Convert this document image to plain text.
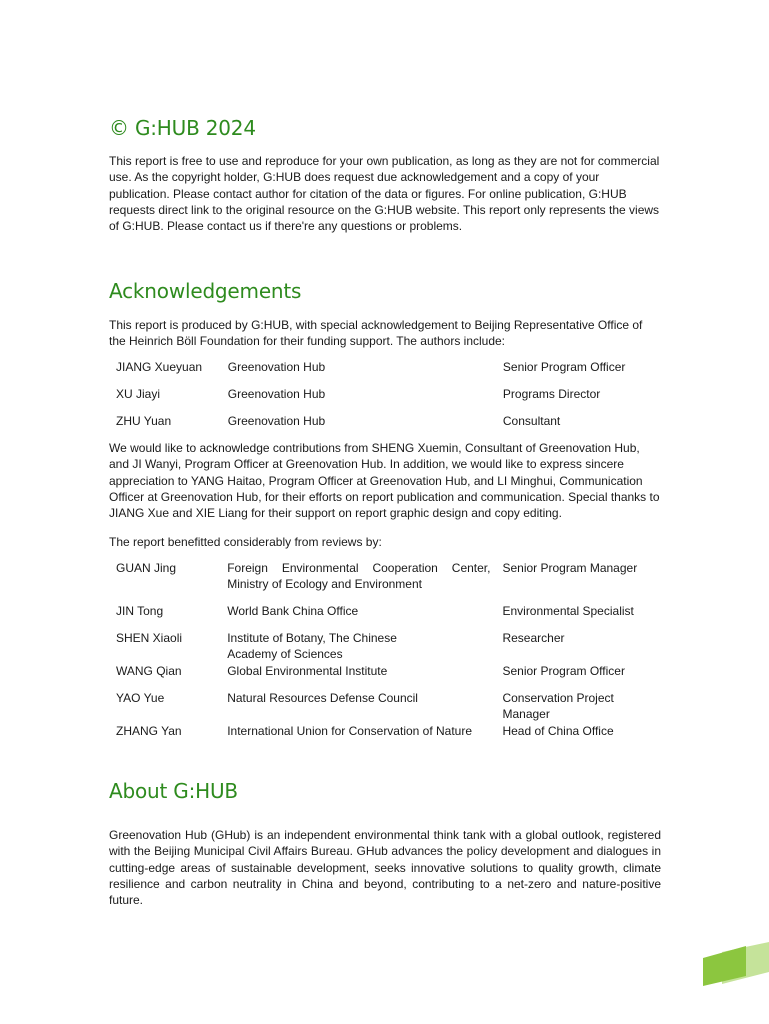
© G:HUB 2024

This report is free to use and reproduce for your own publication, as long as they are not for commercial use. As the copyright holder, G:HUB does request due acknowledgement and a copy of your publication. Please contact author for citation of the data or figures. For online publication, G:HUB requests direct link to the original resource on the G:HUB website. This report only represents the views of G:HUB. Please contact us if there're any questions or problems.

Acknowledgements

This report is produced by G:HUB, with special acknowledgement to Beijing Representative Office of the Heinrich Böll Foundation for their funding support. The authors include:

JIANG Xueyuan	Greenovation Hub	Senior Program Officer
XU Jiayi	Greenovation Hub	Programs Director
ZHU Yuan	Greenovation Hub	Consultant

We would like to acknowledge contributions from SHENG Xuemin, Consultant of Greenovation Hub, and JI Wanyi, Program Officer at Greenovation Hub. In addition, we would like to express sincere appreciation to YANG Haitao, Program Officer at Greenovation Hub, and LI Minghui, Communication Officer at Greenovation Hub, for their efforts on report publication and communication. Special thanks to JIANG Xue and XIE Liang for their support on report graphic design and copy editing.

The report benefitted considerably from reviews by:

GUAN Jing	Foreign Environmental Cooperation Center, Ministry of Ecology and Environment	Senior Program Manager
JIN Tong	World Bank China Office	Environmental Specialist
SHEN Xiaoli	Institute of Botany, The Chinese Academy of Sciences	Researcher
WANG Qian	Global Environmental Institute	Senior Program Officer
YAO Yue	Natural Resources Defense Council	Conservation Project Manager
ZHANG Yan	International Union for Conservation of Nature	Head of China Office
About G:HUB

Greenovation Hub (GHub) is an independent environmental think tank with a global outlook, registered with the Beijing Municipal Civil Affairs Bureau. GHub advances the policy development and dialogues in cutting-edge areas of sustainable development, seeks innovative solutions to quality growth, climate resilience and carbon neutrality in China and beyond, contributing to a net-zero and nature-positive future.
